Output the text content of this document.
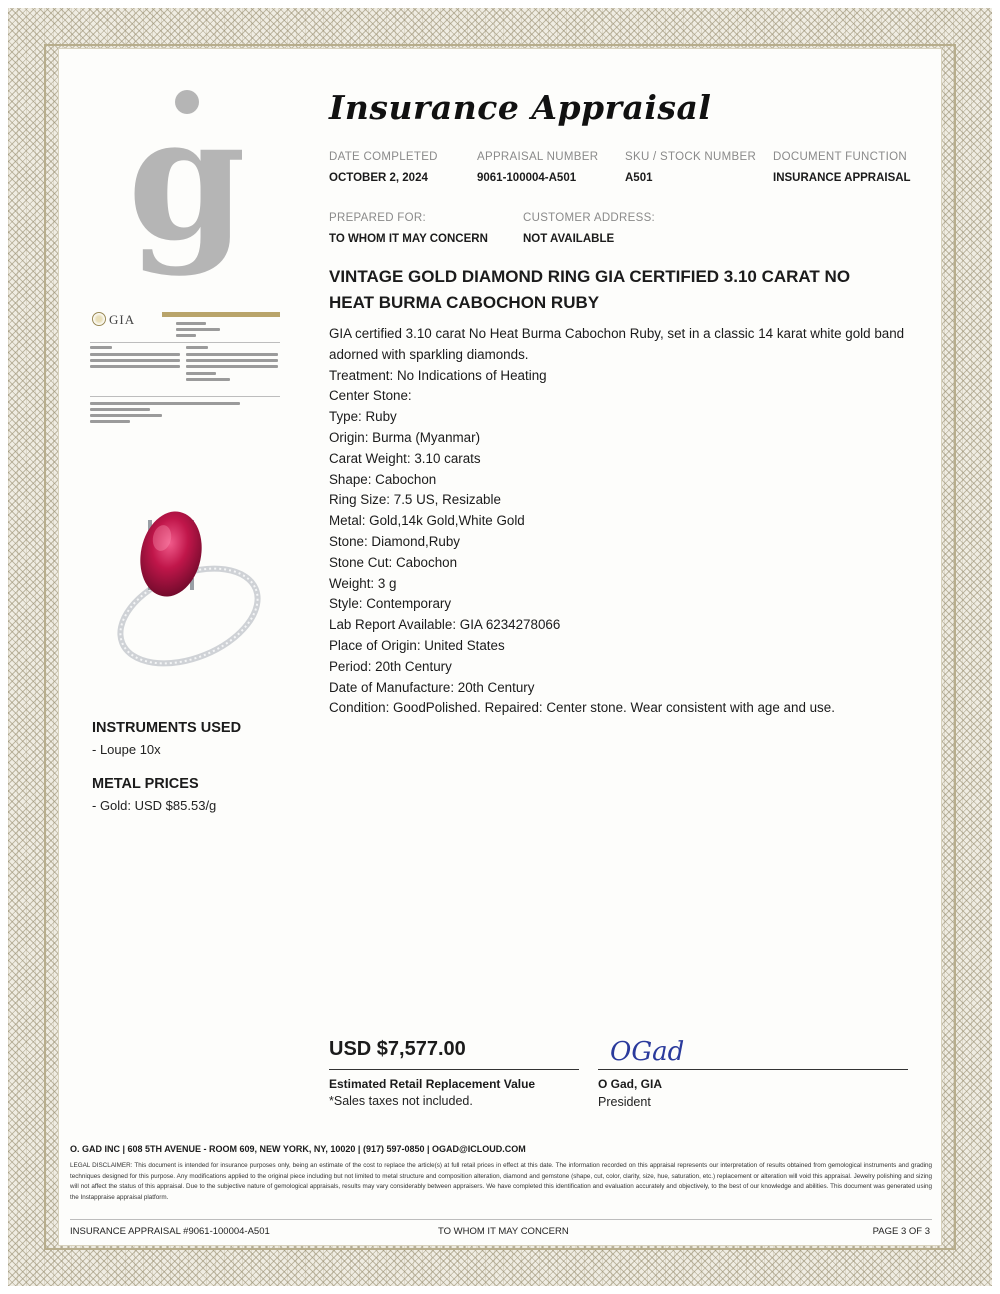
g
GIA
INSTRUMENTS USED
- Loupe 10x
METAL PRICES
- Gold: USD $85.53/g
Insurance Appraisal
DATE COMPLETED
OCTOBER 2, 2024
APPRAISAL NUMBER
9061-100004-A501
SKU / STOCK NUMBER
A501
DOCUMENT FUNCTION
INSURANCE APPRAISAL
PREPARED FOR:
TO WHOM IT MAY CONCERN
CUSTOMER ADDRESS:
NOT AVAILABLE
VINTAGE GOLD DIAMOND RING GIA CERTIFIED 3.10 CARAT NO HEAT BURMA CABOCHON RUBY
GIA certified 3.10 carat No Heat Burma Cabochon Ruby, set in a classic 14 karat white gold band adorned with sparkling diamonds.
Treatment: No Indications of Heating
Center Stone:
Type: Ruby
Origin: Burma (Myanmar)
Carat Weight: 3.10 carats
Shape: Cabochon
Ring Size: 7.5 US, Resizable
Metal: Gold,14k Gold,White Gold
Stone: Diamond,Ruby
Stone Cut: Cabochon
Weight: 3 g
Style: Contemporary
Lab Report Available: GIA 6234278066
Place of Origin: United States
Period: 20th Century
Date of Manufacture: 20th Century
Condition: GoodPolished. Repaired: Center stone. Wear consistent with age and use.
USD $7,577.00
Estimated Retail Replacement Value
*Sales taxes not included.
OGad
O Gad, GIA
President
O. GAD INC | 608 5TH AVENUE - ROOM 609, NEW YORK, NY, 10020 | (917) 597-0850 | OGAD@ICLOUD.COM
LEGAL DISCLAIMER: This document is intended for insurance purposes only, being an estimate of the cost to replace the article(s) at full retail prices in effect at this date. The information recorded on this appraisal represents our interpretation of results obtained from gemological instruments and grading techniques designed for this purpose. Any modifications applied to the original piece including but not limited to metal structure and composition alteration, diamond and gemstone (shape, cut, color, clarity, size, hue, saturation, etc.) replacement or alteration will void this appraisal. Jewelry polishing and sizing will not affect the status of this appraisal. Due to the subjective nature of gemological appraisals, results may vary considerably between appraisers. We have completed this identification and evaluation accurately and objectively, to the best of our knowledge and abilities. This document was generated using the Instappraise appraisal platform.
INSURANCE APPRAISAL #9061-100004-A501	TO WHOM IT MAY CONCERN	PAGE 3 OF 3
